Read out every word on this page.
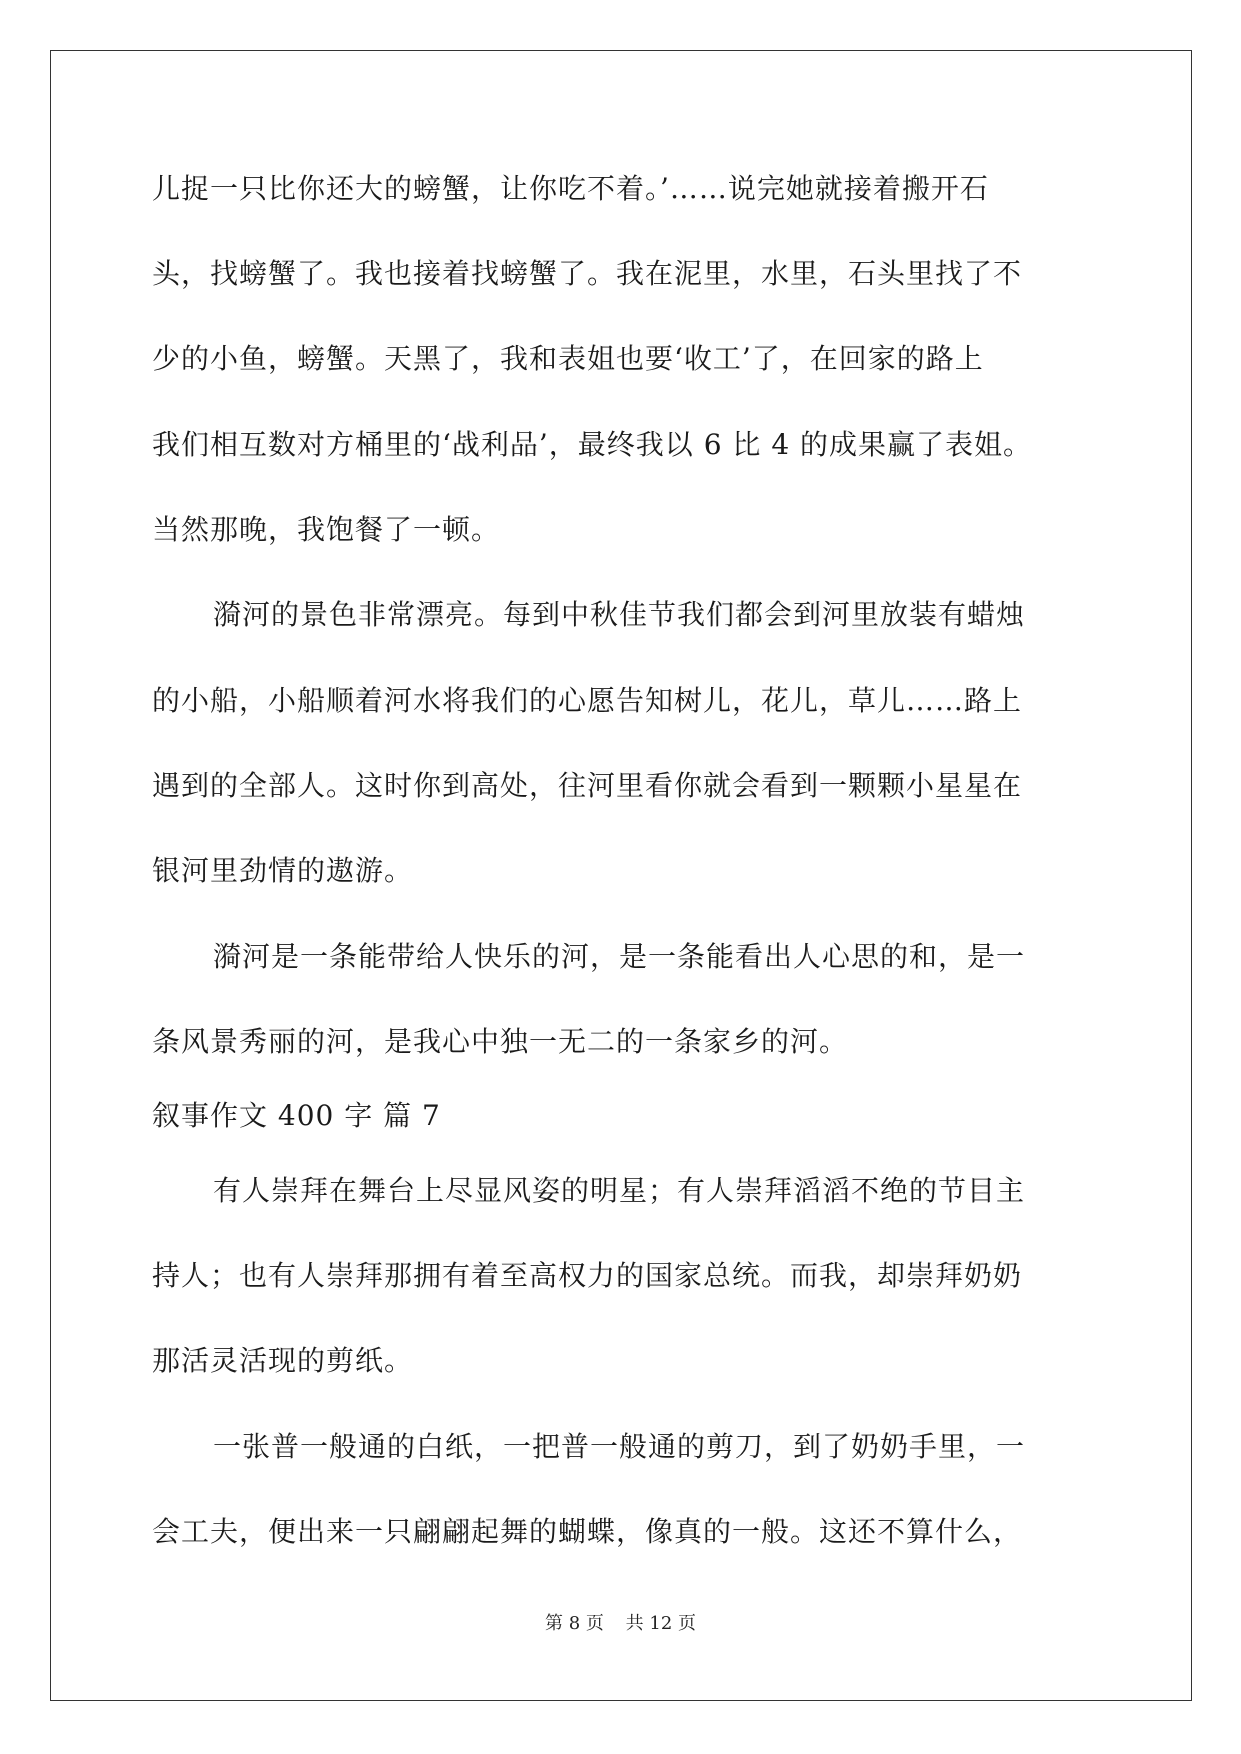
儿捉一只比你还大的螃蟹，让你吃不着。’……说完她就接着搬开石
头，找螃蟹了。我也接着找螃蟹了。我在泥里，水里，石头里找了不
少的小鱼，螃蟹。天黑了，我和表姐也要‘收工’了，在回家的路上
我们相互数对方桶里的‘战利品’，最终我以 6 比 4 的成果赢了表姐。
当然那晚，我饱餐了一顿。
漪河的景色非常漂亮。每到中秋佳节我们都会到河里放装有蜡烛
的小船，小船顺着河水将我们的心愿告知树儿，花儿，草儿……路上
遇到的全部人。这时你到高处，往河里看你就会看到一颗颗小星星在
银河里劲情的遨游。
漪河是一条能带给人快乐的河，是一条能看出人心思的和，是一
条风景秀丽的河，是我心中独一无二的一条家乡的河。
叙事作文 400 字 篇 7
有人崇拜在舞台上尽显风姿的明星；有人崇拜滔滔不绝的节目主
持人；也有人崇拜那拥有着至高权力的国家总统。而我，却崇拜奶奶
那活灵活现的剪纸。
一张普一般通的白纸，一把普一般通的剪刀，到了奶奶手里，一
会工夫，便出来一只翩翩起舞的蝴蝶，像真的一般。这还不算什么，
第 8 页 共 12 页
